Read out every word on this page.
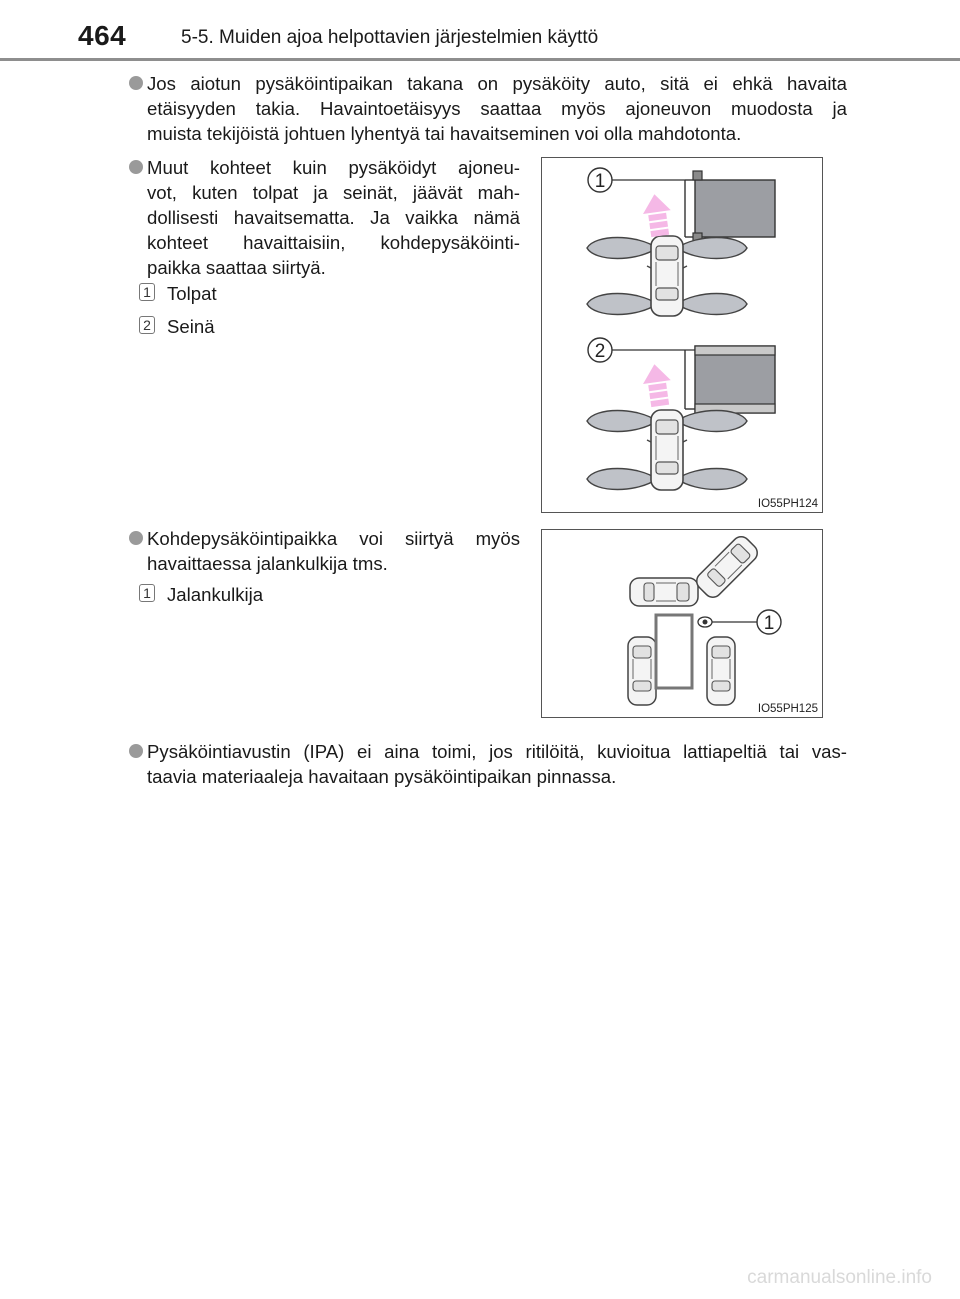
464	5-5. Muiden ajoa helpottavien järjestelmien käyttö
Jos aiotun pysäköintipaikan takana on pysäköity auto, sitä ei ehkä havaita
etäisyyden takia. Havaintoetäisyys saattaa myös ajoneuvon muodosta ja
muista tekijöistä johtuen lyhentyä tai havaitseminen voi olla mahdotonta.
Muut kohteet kuin pysäköidyt ajoneu-
vot, kuten tolpat ja seinät, jäävät mah-
dollisesti havaitsematta. Ja vaikka nämä
kohteet havaittaisiin, kohdepysäköinti-
paikka saattaa siirtyä.
1 Tolpat
2 Seinä
1
2
IO55PH124
Kohdepysäköintipaikka voi siirtyä myös
havaittaessa jalankulkija tms.
1 Jalankulkija
1
IO55PH125
Pysäköintiavustin (IPA) ei aina toimi, jos ritilöitä, kuvioitua lattiapeltiä tai vas-
taavia materiaaleja havaitaan pysäköintipaikan pinnassa.
carmanualsonline.info
